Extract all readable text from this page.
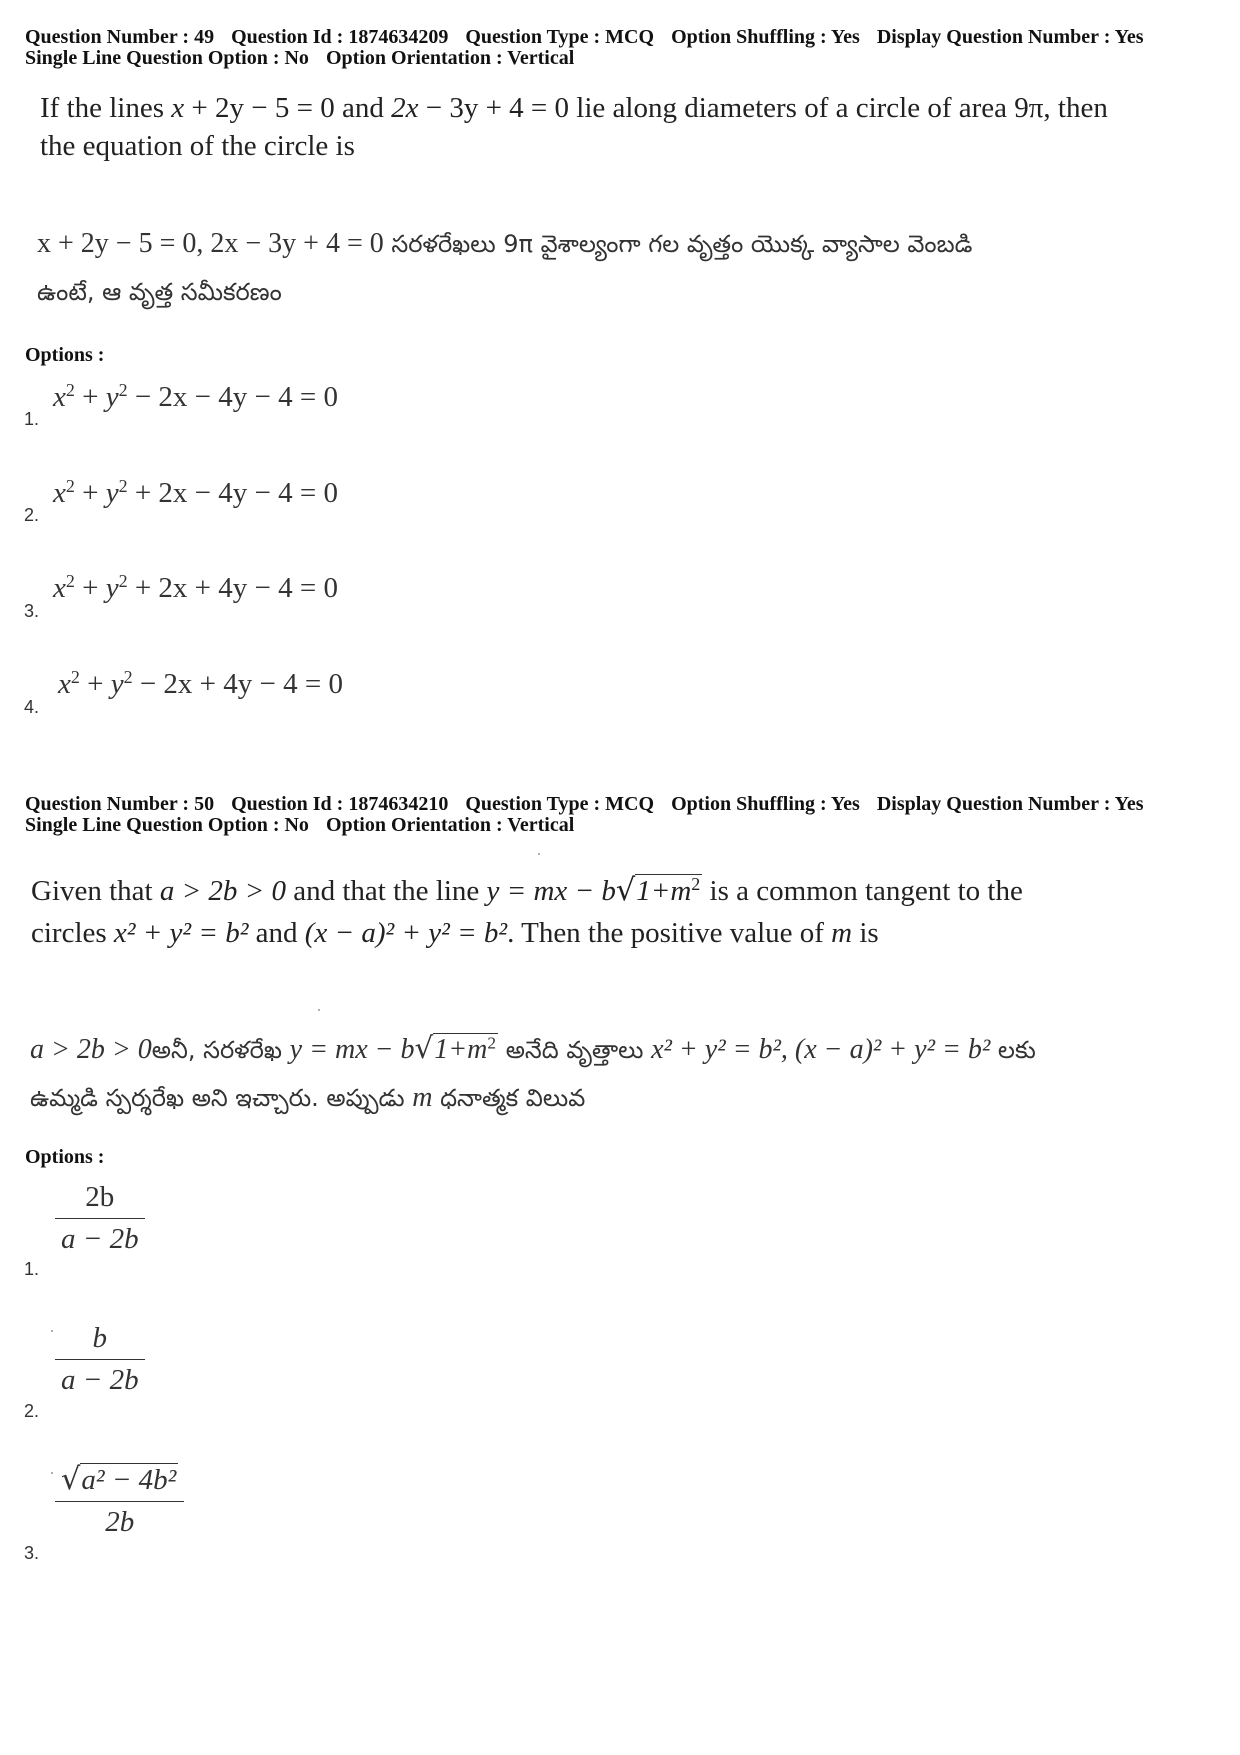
Question Number : 49 Question Id : 1874634209 Question Type : MCQ Option Shuffling : Yes Display Question Number : Yes
Single Line Question Option : No Option Orientation : Vertical
If the lines x + 2y − 5 = 0 and 2x − 3y + 4 = 0 lie along diameters of a circle of area 9π, then
the equation of the circle is
x + 2y − 5 = 0, 2x − 3y + 4 = 0 సరళరేఖలు 9π వైశాల్యంగా గల వృత్తం యొక్క వ్యాసాల వెంబడి
ఉంటే, ఆ వృత్త సమీకరణం
Options :
1.
$x^2 + y^2 - 2x - 4y - 4 = 0$
2.
$x^2 + y^2 + 2x - 4y - 4 = 0$
3.
$x^2 + y^2 + 2x + 4y - 4 = 0$
4.
$x^2 + y^2 - 2x + 4y - 4 = 0$
Question Number : 50 Question Id : 1874634210 Question Type : MCQ Option Shuffling : Yes Display Question Number : Yes
Single Line Question Option : No Option Orientation : Vertical
Given that a > 2b > 0 and that the line y = mx − $b√1+m^2$ is a common tangent to the
circles x² + y² = b² and (x − a)² + y² = b². Then the positive value of m is
a > 2b > 0అనీ, సరళరేఖ y = mx − $b√1+m^2$ అనేది వృత్తాలు x² + y² = b², (x − a)² + y² = b² లకు
ఉమ్మడి స్పర్శరేఖ అని ఇచ్చారు. అప్పుడు m ధనాత్మక విలువ
Options :
1.
$\frac{2b}{a - 2b}$
2.
$\frac{b}{a - 2b}$
3.
$\frac{\text{√a² − 4b²}}{2b}$
